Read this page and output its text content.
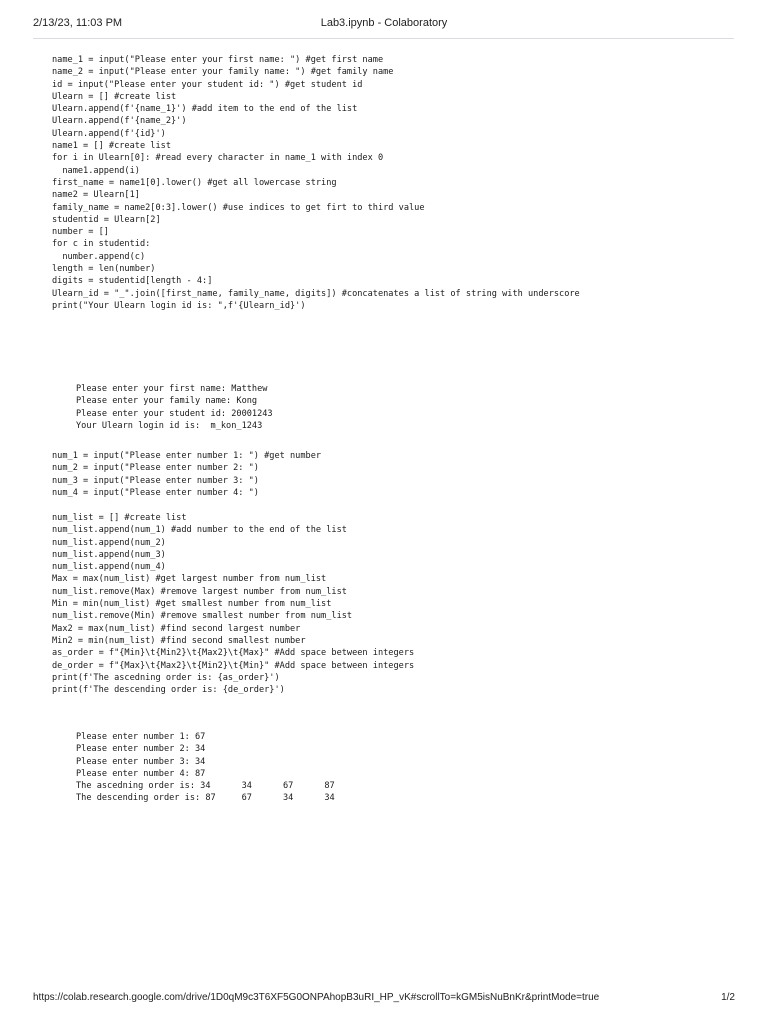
2/13/23, 11:03 PM	Lab3.ipynb - Colaboratory
name_1 = input("Please enter your first name: ") #get first name
name_2 = input("Please enter your family name: ") #get family name
id = input("Please enter your student id: ") #get student id
Ulearn = [] #create list
Ulearn.append(f'{name_1}') #add item to the end of the list
Ulearn.append(f'{name_2}')
Ulearn.append(f'{id}')
name1 = [] #create list
for i in Ulearn[0]: #read every character in name_1 with index 0
name1.append(i)
first_name = name1[0].lower() #get all lowercase string
name2 = Ulearn[1]
family_name = name2[0:3].lower() #use indices to get firt to third value
studentid = Ulearn[2]
number = []
for c in studentid:
number.append(c)
length = len(number)
digits = studentid[length - 4:]
Ulearn_id = "_".join([first_name, family_name, digits]) #concatenates a list of string with underscore
print("Your Ulearn login id is: ",f'{Ulearn_id}')
Please enter your first name: Matthew
Please enter your family name: Kong
Please enter your student id: 20001243
Your Ulearn login id is:  m_kon_1243
num_1 = input("Please enter number 1: ") #get number
num_2 = input("Please enter number 2: ")
num_3 = input("Please enter number 3: ")
num_4 = input("Please enter number 4: ")
num_list = [] #create list
num_list.append(num_1) #add number to the end of the list
num_list.append(num_2)
num_list.append(num_3)
num_list.append(num_4)
Max = max(num_list) #get largest number from num_list
num_list.remove(Max) #remove largest number from num_list
Min = min(num_list) #get smallest number from num_list
num_list.remove(Min) #remove smallest number from num_list
Max2 = max(num_list) #find second largest number
Min2 = min(num_list) #find second smallest number
as_order = f"{Min}\t{Min2}\t{Max2}\t{Max}" #Add space between integers
de_order = f"{Max}\t{Max2}\t{Min2}\t{Min}" #Add space between integers
print(f'The ascedning order is: {as_order}')
print(f'The descending order is: {de_order}')
Please enter number 1: 67
Please enter number 2: 34
Please enter number 3: 34
Please enter number 4: 87
The ascedning order is: 34      34      67      87
The descending order is: 87     67      34      34
https://colab.research.google.com/drive/1D0qM9c3T6XF5G0ONPAhopB3uRI_HP_vK#scrollTo=kGM5isNuBnKr&printMode=true	1/2
